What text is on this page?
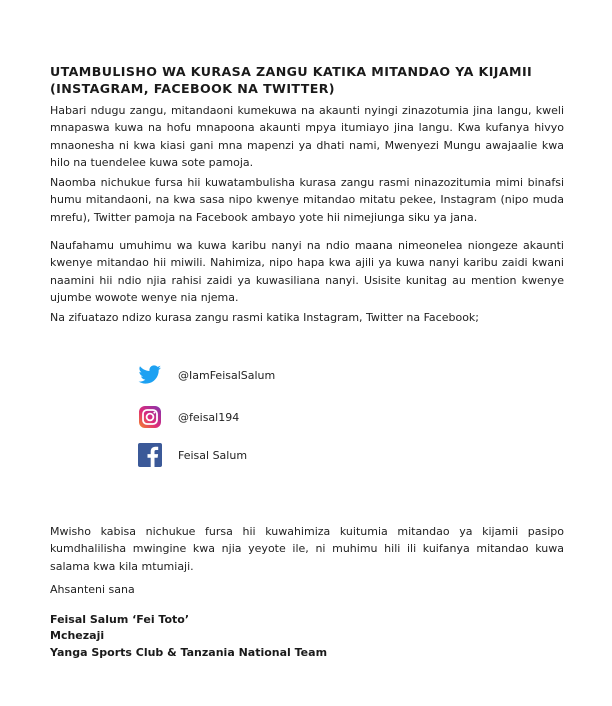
UTAMBULISHO WA KURASA ZANGU KATIKA MITANDAO YA KIJAMII
(INSTAGRAM, FACEBOOK NA TWITTER)
Habari ndugu zangu, mitandaoni kumekuwa na akaunti nyingi zinazotumia jina langu, kweli mnapaswa kuwa na hofu mnapoona akaunti mpya itumiayo jina langu. Kwa kufanya hivyo mnaonesha ni kwa kiasi gani mna mapenzi ya dhati nami, Mwenyezi Mungu awajaalie kwa hilo na tuendelee kuwa sote pamoja.
Naomba nichukue fursa hii kuwatambulisha kurasa zangu rasmi ninazozitumia mimi binafsi humu mitandaoni, na kwa sasa nipo kwenye mitandao mitatu pekee, Instagram (nipo muda mrefu), Twitter pamoja na Facebook ambayo yote hii nimejiunga siku ya jana.
Naufahamu umuhimu wa kuwa karibu nanyi na ndio maana nimeonelea niongeze akaunti kwenye mitandao hii miwili. Nahimiza, nipo hapa kwa ajili ya kuwa nanyi karibu zaidi kwani naamini hii ndio njia rahisi zaidi ya kuwasiliana nanyi. Usisite kunitag au mention kwenye ujumbe wowote wenye nia njema.
Na zifuatazo ndizo kurasa zangu rasmi katika Instagram, Twitter na Facebook;
@IamFeisalSalum
@feisal194
Feisal Salum
Mwisho kabisa nichukue fursa hii kuwahimiza kuitumia mitandao ya kijamii pasipo kumdhalilisha mwingine kwa njia yeyote ile, ni muhimu hili ili kuifanya mitandao kuwa salama kwa kila mtumiaji.
Ahsanteni sana
Feisal Salum ‘Fei Toto’
Mchezaji
Yanga Sports Club & Tanzania National Team
